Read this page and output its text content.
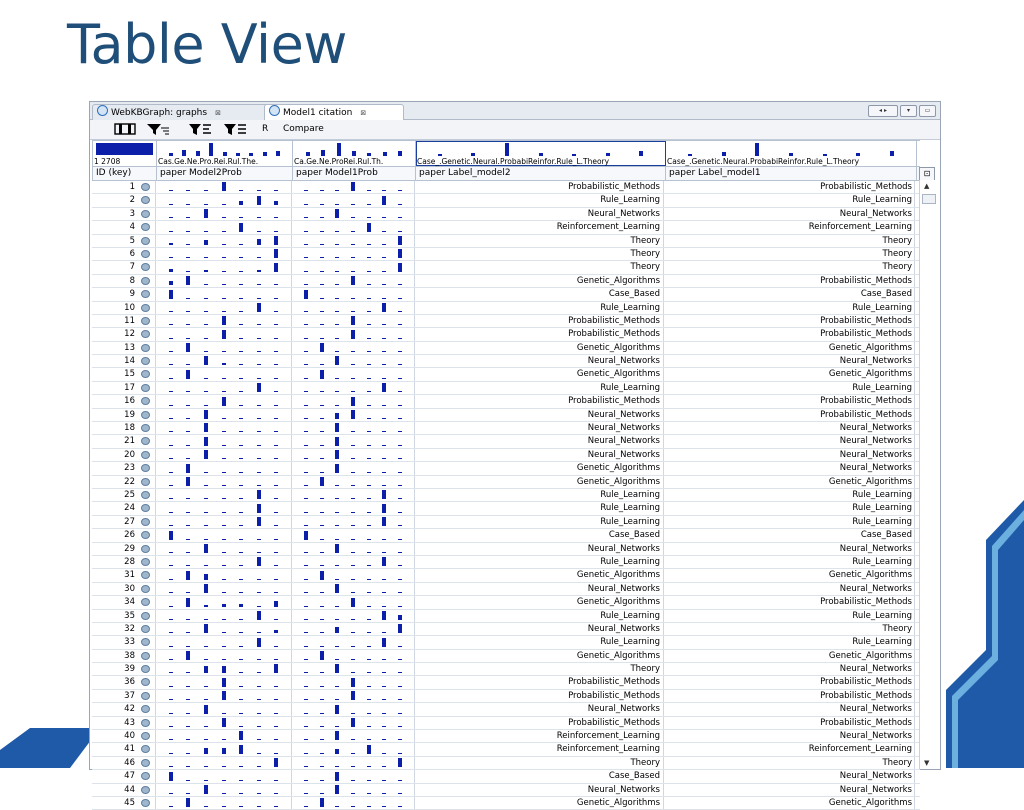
Table View
WebKBGraph: graphs ⊠	Model1 citation ⊠	◂ ▸	▾	▭
R Compare
1 2708	Cas.Ge.Ne.Pro.Rei.Rul.The.	Ca.Ge.Ne.ProRei.Rul.Th.	Case_.Genetic.Neural.ProbabiReinfor.Rule_L.Theory	Case_.Genetic.Neural.ProbabiReinfor.Rule_L.Theory
ID (key)	paper Model2Prob	paper Model1Prob	paper Label_model2	paper Label_model1
1	Probabilistic_Methods	Probabilistic_Methods
2	Rule_Learning	Rule_Learning
3	Neural_Networks	Neural_Networks
4	Reinforcement_Learning	Reinforcement_Learning
5	Theory	Theory
6	Theory	Theory
7	Theory	Theory
8	Genetic_Algorithms	Probabilistic_Methods
9	Case_Based	Case_Based
10	Rule_Learning	Rule_Learning
11	Probabilistic_Methods	Probabilistic_Methods
12	Probabilistic_Methods	Probabilistic_Methods
13	Genetic_Algorithms	Genetic_Algorithms
14	Neural_Networks	Neural_Networks
15	Genetic_Algorithms	Genetic_Algorithms
17	Rule_Learning	Rule_Learning
16	Probabilistic_Methods	Probabilistic_Methods
19	Neural_Networks	Probabilistic_Methods
18	Neural_Networks	Neural_Networks
21	Neural_Networks	Neural_Networks
20	Neural_Networks	Neural_Networks
23	Genetic_Algorithms	Neural_Networks
22	Genetic_Algorithms	Genetic_Algorithms
25	Rule_Learning	Rule_Learning
24	Rule_Learning	Rule_Learning
27	Rule_Learning	Rule_Learning
26	Case_Based	Case_Based
29	Neural_Networks	Neural_Networks
28	Rule_Learning	Rule_Learning
31	Genetic_Algorithms	Genetic_Algorithms
30	Neural_Networks	Neural_Networks
34	Genetic_Algorithms	Probabilistic_Methods
35	Rule_Learning	Rule_Learning
32	Neural_Networks	Theory
33	Rule_Learning	Rule_Learning
38	Genetic_Algorithms	Genetic_Algorithms
39	Theory	Neural_Networks
36	Probabilistic_Methods	Probabilistic_Methods
37	Probabilistic_Methods	Probabilistic_Methods
42	Neural_Networks	Neural_Networks
43	Probabilistic_Methods	Probabilistic_Methods
40	Reinforcement_Learning	Neural_Networks
41	Reinforcement_Learning	Reinforcement_Learning
46	Theory	Theory
47	Case_Based	Neural_Networks
44	Neural_Networks	Neural_Networks
45	Genetic_Algorithms	Genetic_Algorithms
⊡
▲
▼
